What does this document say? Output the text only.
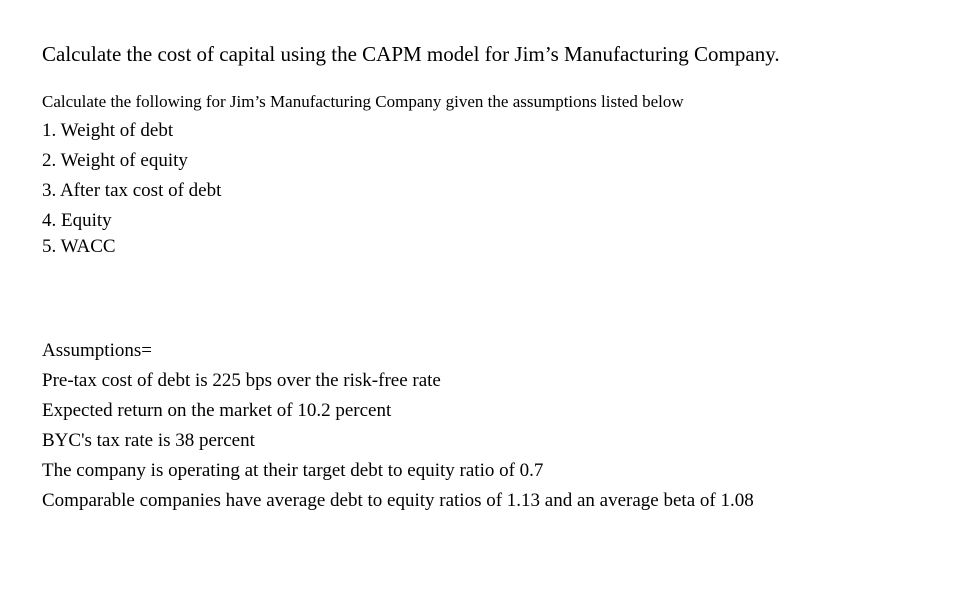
Calculate the cost of capital using the CAPM model for Jim’s Manufacturing Company.
Calculate the following for Jim’s Manufacturing Company given the assumptions listed below
1. Weight of debt
2. Weight of equity
3. After tax cost of debt
4. Equity
5. WACC
Assumptions=
Pre-tax cost of debt is 225 bps over the risk-free rate
Expected return on the market of 10.2 percent
BYC's tax rate is 38 percent
The company is operating at their target debt to equity ratio of 0.7
Comparable companies have average debt to equity ratios of 1.13 and an average beta of 1.08
